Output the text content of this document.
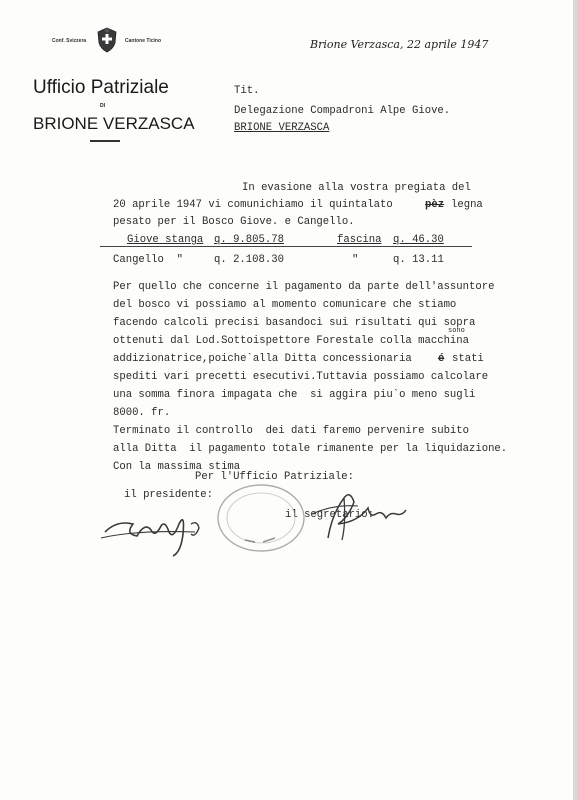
Conf. Svizzera	Cantone Ticino
Ufficio Patriziale
DI
BRIONE VERZASCA
Brione Verzasca, 22 aprile 1947
Tit.
Delegazione Compadroni Alpe Giove.
BRIONE VERZASCA
In evasione alla vostra pregiata del
20 aprile 1947 vi comunichiamo il quintalato	pèz legna
pesato per il Bosco Giove. e Cangello.
Giove stanga q. 9.805.78	fascina q. 46.30
Cangello  "	q. 2.108.30	"	q. 13.11
Per quello che concerne il pagamento da parte dell'assuntore
del bosco vi possiamo al momento comunicare che stiamo
facendo calcoli precisi basandoci sui risultati qui sopra
ottenuti dal Lod.Sottoispettore Forestale colla macchina
sono
addizionatrice,poiche`alla Ditta concessionaria é stati
spediti vari precetti esecutivi.Tuttavia possiamo calcolare
una somma finora impagata che  si aggira piu`o meno sugli
8000. fr.
Terminato il controllo  dei dati faremo pervenire subito
alla Ditta  il pagamento totale rimanente per la liquidazione.
Con la massima stima
Per l'Ufficio Patriziale:
il presidente:
il segretario:
